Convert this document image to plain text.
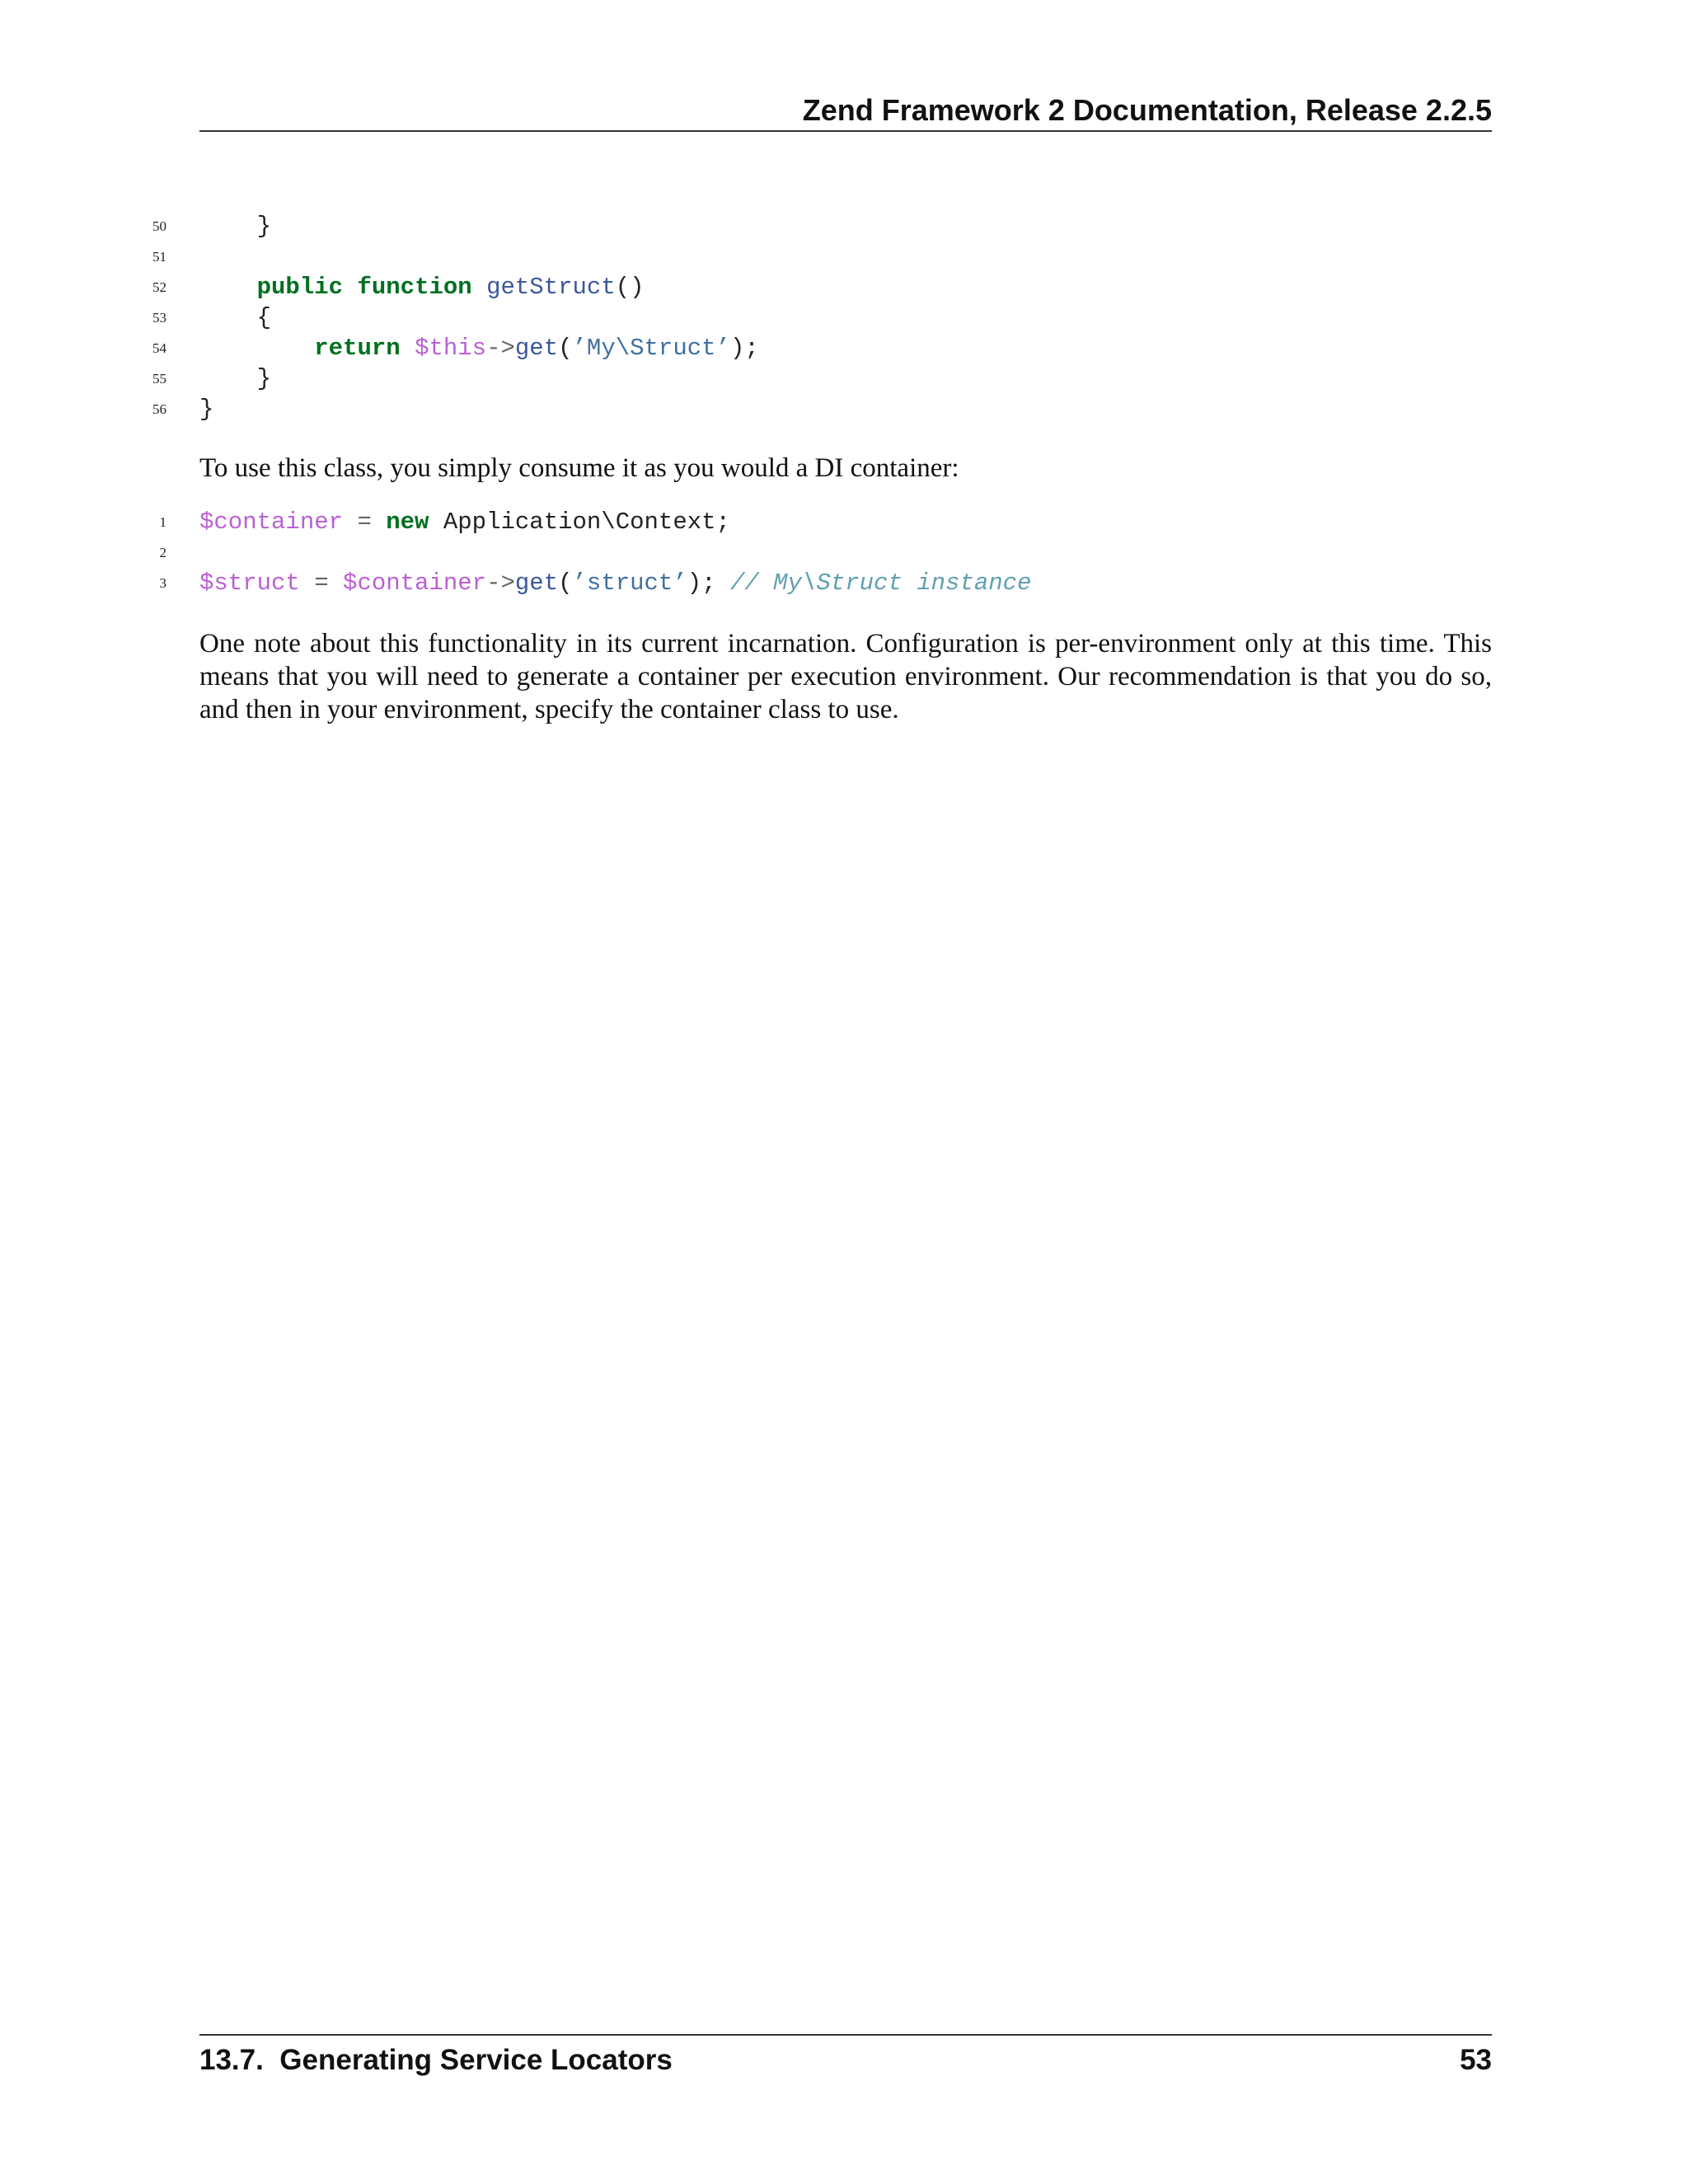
Zend Framework 2 Documentation, Release 2.2.5
50 }
51
52	public function getStruct()
53 {
54	return $this->get(’My\Struct’);
55 }
56 }

To use this class, you simply consume it as you would a DI container:

1 $container = new Application\Context;
2
3 $struct = $container->get(’struct’); // My\Struct instance

One note about this functionality in its current incarnation. Configuration is per-environment only at this time. This means that you will need to generate a container per execution environment. Our recommendation is that you do so, and then in your environment, specify the container class to use.

13.7.  Generating Service Locators	53
